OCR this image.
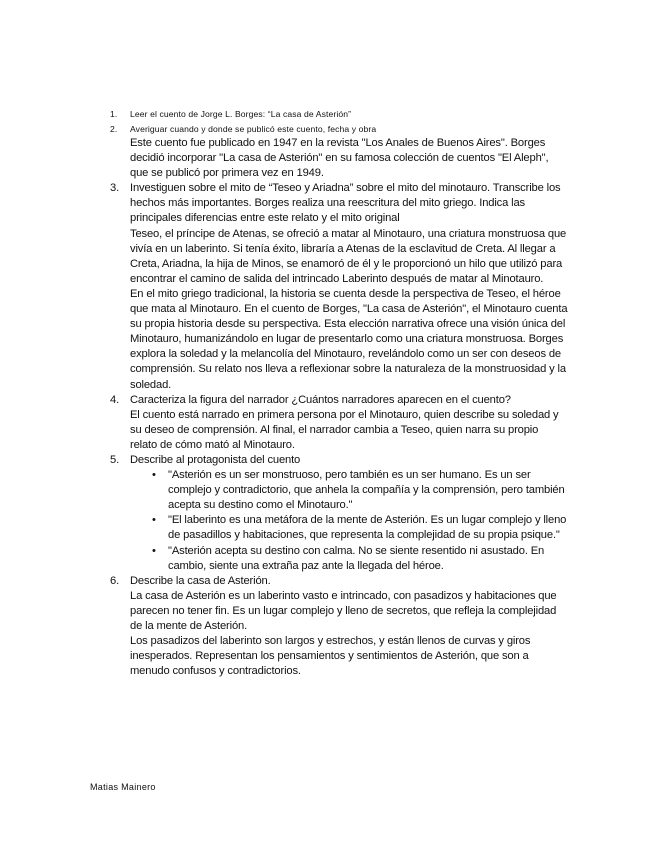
1.	Leer el cuento de Jorge L. Borges: “La casa de Asterión”
2.	Averiguar cuando y donde se publicó este cuento, fecha y obra

Este cuento fue publicado en 1947 en la revista "Los Anales de Buenos Aires". Borges decidió incorporar "La casa de Asterión" en su famosa colección de cuentos "El Aleph", que se publicó por primera vez en 1949.

3. Investiguen sobre el mito de “Teseo y Ariadna” sobre el mito del minotauro. Transcribe los hechos más importantes. Borges realiza una reescritura del mito griego. Indica las principales diferencias entre este relato y el mito original

Teseo, el príncipe de Atenas, se ofreció a matar al Minotauro, una criatura monstruosa que vivía en un laberinto. Si tenía éxito, libraría a Atenas de la esclavitud de Creta. Al llegar a Creta, Ariadna, la hija de Minos, se enamoró de él y le proporcionó un hilo que utilizó para encontrar el camino de salida del intrincado Laberinto después de matar al Minotauro.

En el mito griego tradicional, la historia se cuenta desde la perspectiva de Teseo, el héroe que mata al Minotauro. En el cuento de Borges, "La casa de Asterión", el Minotauro cuenta su propia historia desde su perspectiva. Esta elección narrativa ofrece una visión única del Minotauro, humanizándolo en lugar de presentarlo como una criatura monstruosa. Borges explora la soledad y la melancolía del Minotauro, revelándolo como un ser con deseos de comprensión. Su relato nos lleva a reflexionar sobre la naturaleza de la monstruosidad y la soledad.

4. Caracteriza la figura del narrador ¿Cuántos narradores aparecen en el cuento?

El cuento está narrado en primera persona por el Minotauro, quien describe su soledad y su deseo de comprensión. Al final, el narrador cambia a Teseo, quien narra su propio relato de cómo mató al Minotauro.

5. Describe al protagonista del cuento

• "Asterión es un ser monstruoso, pero también es un ser humano. Es un ser complejo y contradictorio, que anhela la compañía y la comprensión, pero también acepta su destino como el Minotauro."
• "El laberinto es una metáfora de la mente de Asterión. Es un lugar complejo y lleno de pasadillos y habitaciones, que representa la complejidad de su propia psique."
• "Asterión acepta su destino con calma. No se siente resentido ni asustado. En cambio, siente una extraña paz ante la llegada del héroe.
6. Describe la casa de Asterión.

La casa de Asterión es un laberinto vasto e intrincado, con pasadizos y habitaciones que parecen no tener fin. Es un lugar complejo y lleno de secretos, que refleja la complejidad de la mente de Asterión.

Los pasadizos del laberinto son largos y estrechos, y están llenos de curvas y giros inesperados. Representan los pensamientos y sentimientos de Asterión, que son a menudo confusos y contradictorios.

Matias Mainero
